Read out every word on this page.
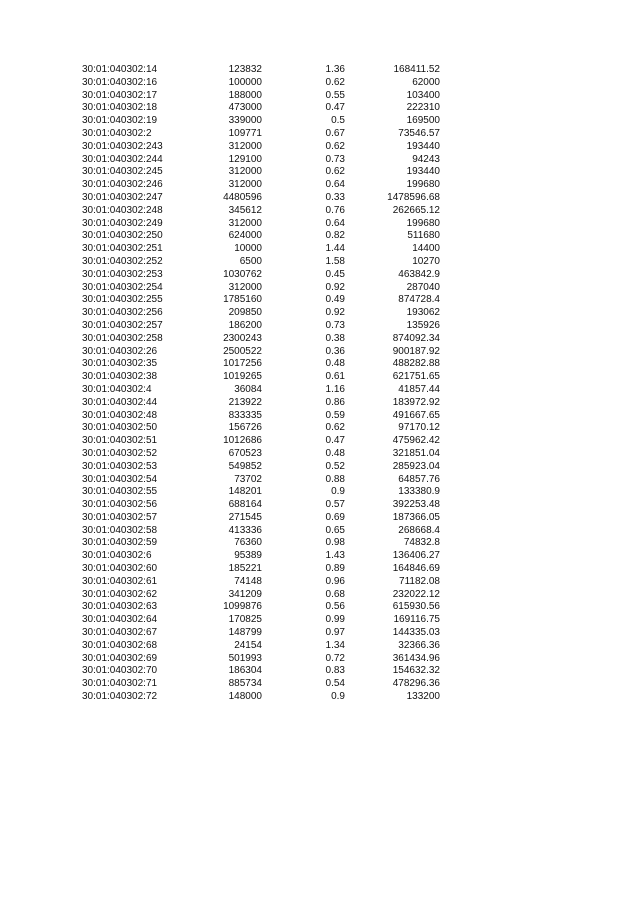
30:01:040302:14	123832	1.36	168411.52
30:01:040302:16	100000	0.62	62000
30:01:040302:17	188000	0.55	103400
30:01:040302:18	473000	0.47	222310
30:01:040302:19	339000	0.5	169500
30:01:040302:2	109771	0.67	73546.57
30:01:040302:243	312000	0.62	193440
30:01:040302:244	129100	0.73	94243
30:01:040302:245	312000	0.62	193440
30:01:040302:246	312000	0.64	199680
30:01:040302:247	4480596	0.33	1478596.68
30:01:040302:248	345612	0.76	262665.12
30:01:040302:249	312000	0.64	199680
30:01:040302:250	624000	0.82	511680
30:01:040302:251	10000	1.44	14400
30:01:040302:252	6500	1.58	10270
30:01:040302:253	1030762	0.45	463842.9
30:01:040302:254	312000	0.92	287040
30:01:040302:255	1785160	0.49	874728.4
30:01:040302:256	209850	0.92	193062
30:01:040302:257	186200	0.73	135926
30:01:040302:258	2300243	0.38	874092.34
30:01:040302:26	2500522	0.36	900187.92
30:01:040302:35	1017256	0.48	488282.88
30:01:040302:38	1019265	0.61	621751.65
30:01:040302:4	36084	1.16	41857.44
30:01:040302:44	213922	0.86	183972.92
30:01:040302:48	833335	0.59	491667.65
30:01:040302:50	156726	0.62	97170.12
30:01:040302:51	1012686	0.47	475962.42
30:01:040302:52	670523	0.48	321851.04
30:01:040302:53	549852	0.52	285923.04
30:01:040302:54	73702	0.88	64857.76
30:01:040302:55	148201	0.9	133380.9
30:01:040302:56	688164	0.57	392253.48
30:01:040302:57	271545	0.69	187366.05
30:01:040302:58	413336	0.65	268668.4
30:01:040302:59	76360	0.98	74832.8
30:01:040302:6	95389	1.43	136406.27
30:01:040302:60	185221	0.89	164846.69
30:01:040302:61	74148	0.96	71182.08
30:01:040302:62	341209	0.68	232022.12
30:01:040302:63	1099876	0.56	615930.56
30:01:040302:64	170825	0.99	169116.75
30:01:040302:67	148799	0.97	144335.03
30:01:040302:68	24154	1.34	32366.36
30:01:040302:69	501993	0.72	361434.96
30:01:040302:70	186304	0.83	154632.32
30:01:040302:71	885734	0.54	478296.36
30:01:040302:72	148000	0.9	133200
